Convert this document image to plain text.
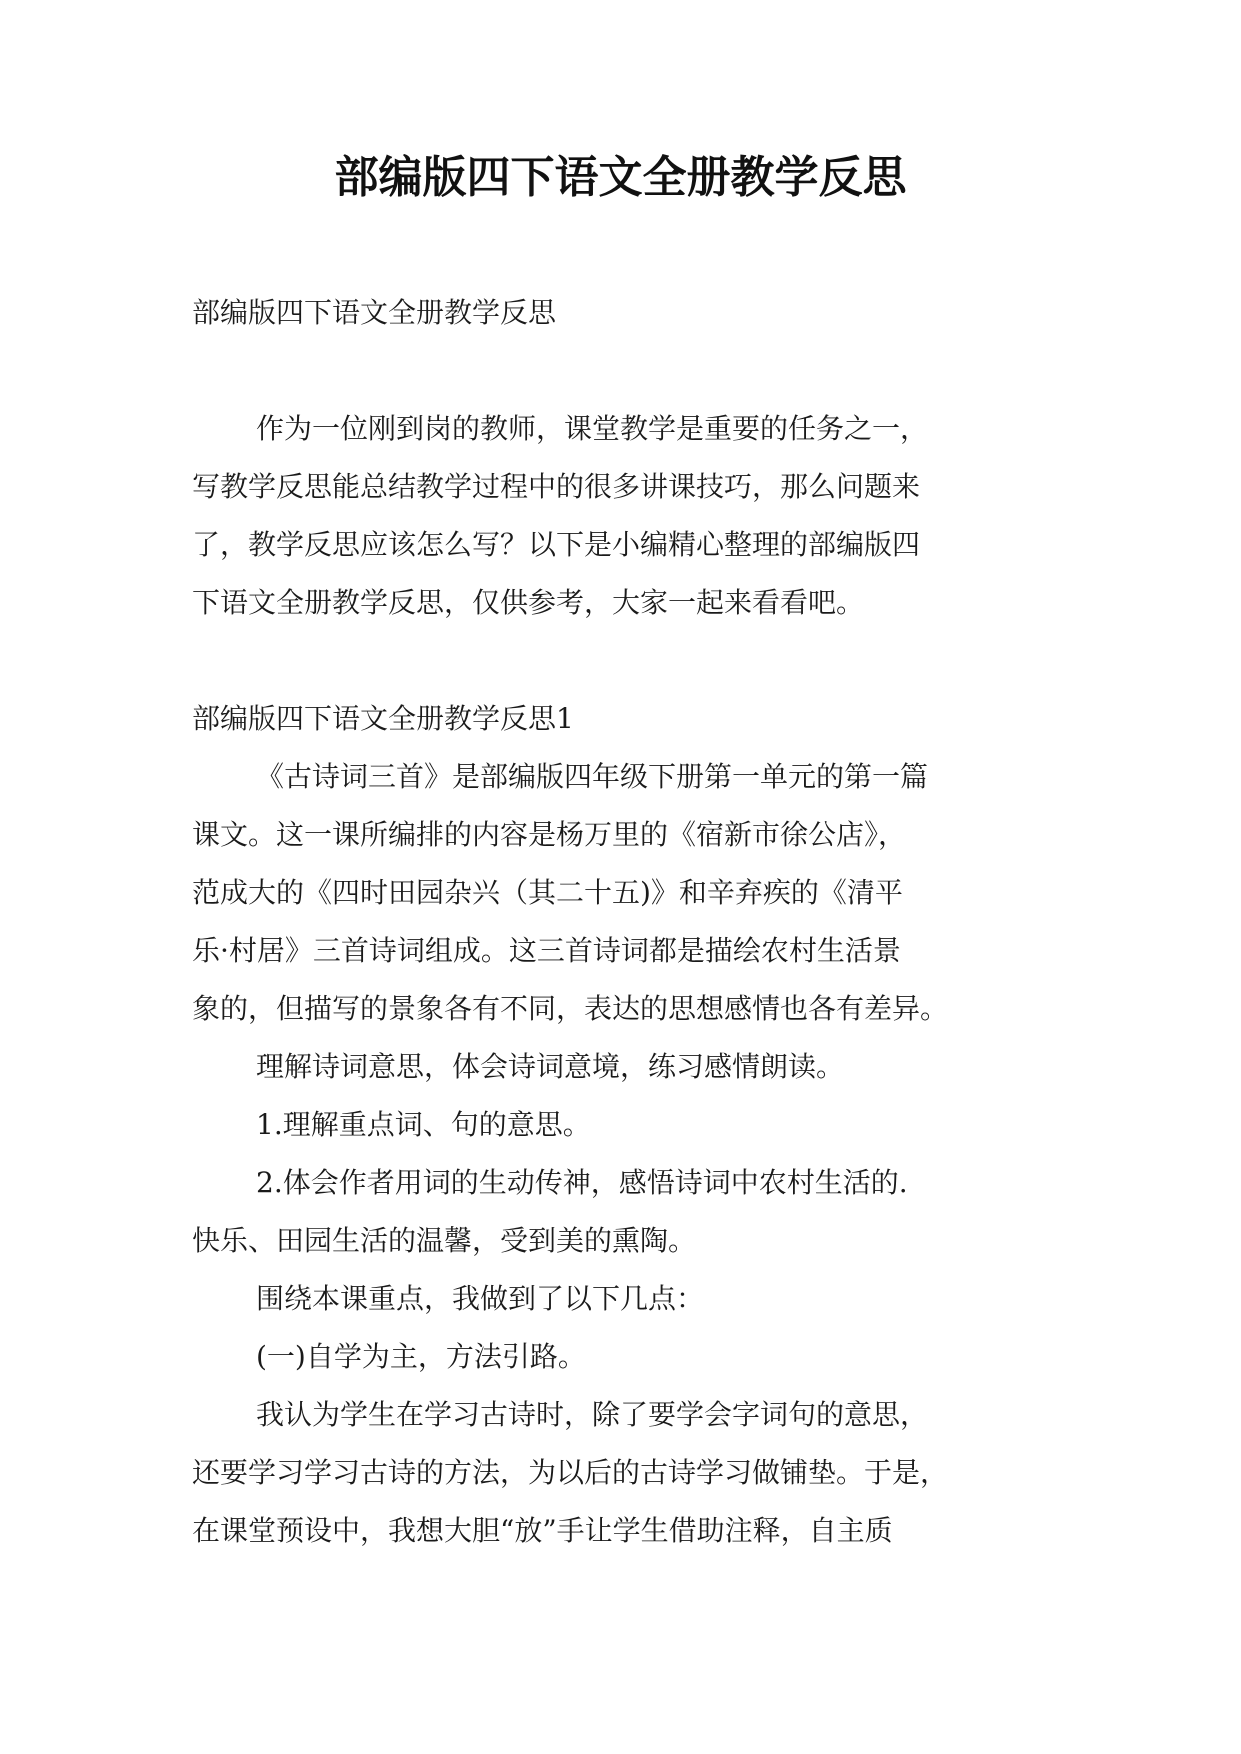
部编版四下语文全册教学反思
部编版四下语文全册教学反思
作为一位刚到岗的教师，课堂教学是重要的任务之一，
写教学反思能总结教学过程中的很多讲课技巧，那么问题来
了，教学反思应该怎么写？以下是小编精心整理的部编版四
下语文全册教学反思，仅供参考，大家一起来看看吧。
部编版四下语文全册教学反思1
《古诗词三首》是部编版四年级下册第一单元的第一篇
课文。这一课所编排的内容是杨万里的《宿新市徐公店》，
范成大的《四时田园杂兴（其二十五)》和辛弃疾的《清平
乐·村居》三首诗词组成。这三首诗词都是描绘农村生活景
象的，但描写的景象各有不同，表达的思想感情也各有差异。
理解诗词意思，体会诗词意境，练习感情朗读。
1.理解重点词、句的意思。
2.体会作者用词的生动传神，感悟诗词中农村生活的.
快乐、田园生活的温馨，受到美的熏陶。
围绕本课重点，我做到了以下几点：
(一)自学为主，方法引路。
我认为学生在学习古诗时，除了要学会字词句的意思，
还要学习学习古诗的方法，为以后的古诗学习做铺垫。于是，
在课堂预设中，我想大胆“放”手让学生借助注释，自主质
